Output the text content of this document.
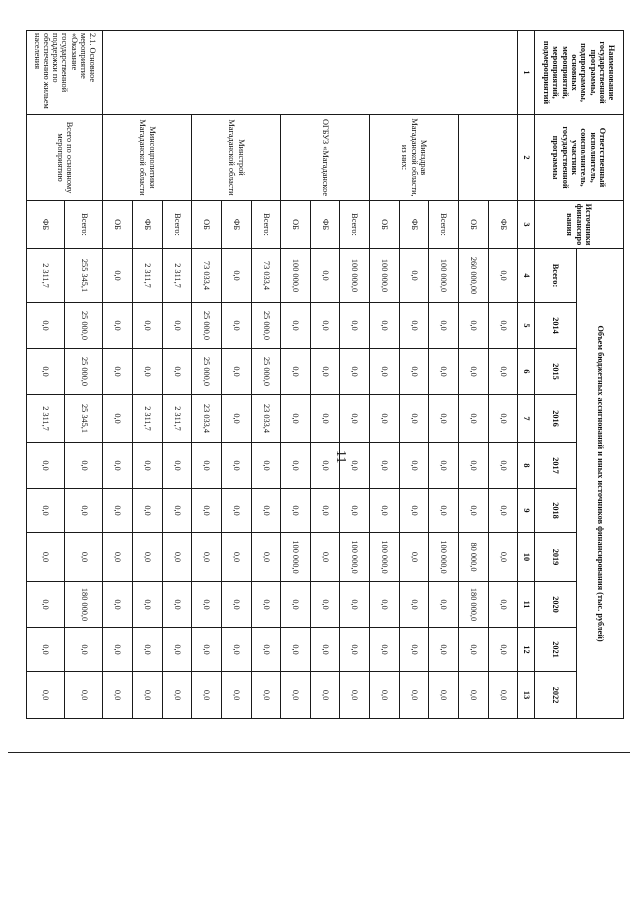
11
Наименование государственной программы, подпрограммы, основных мероприятий, мероприятий, подмероприятий	Ответственный исполнитель, соисполнитель, участник государственной программы	Источники финансирования	Объем бюджетных ассигнований и иных источников финансирования (тыс. рублей)									
			Всего:	2014	2015	2016	2017	2018	2019	2020	2021	2022
1	2	3	4	5	6	7	8	9	10	11	12	13
		ФБ	0,0	0,0	0,0	0,0	0,0	0,0	0,0	0,0	0,0	0,0
		ОБ	260 000,00	0,0	0,0	0,0	0,0	0,0	80 000,0	180 000,0	0,0	0,0
	Минздрав Магаданской области, из них:	Всего:	100 000,0	0,0	0,0	0,0	0,0	0,0	100 000,0	0,0	0,0	0,0
		ФБ	0,0	0,0	0,0	0,0	0,0	0,0	0,0	0,0	0,0	0,0
		ОБ	100 000,0	0,0	0,0	0,0	0,0	0,0	100 000,0	0,0	0,0	0,0
	ОГБУЗ «Магаданское	Всего:	100 000,0	0,0	0,0	0,0	0,0	0,0	100 000,0	0,0	0,0	0,0
		ФБ	0,0	0,0	0,0	0,0	0,0	0,0	0,0	0,0	0,0	0,0
		ОБ	100 000,0	0,0	0,0	0,0	0,0	0,0	100 000,0	0,0	0,0	0,0
	Минстрой Магаданской области	Всего:	73 033,4	25 000,0	25 000,0	23 033,4	0,0	0,0	0,0	0,0	0,0	0,0
		ФБ	0,0	0,0	0,0	0,0	0,0	0,0	0,0	0,0	0,0	0,0
		ОБ	73 033,4	25 000,0	25 000,0	23 033,4	0,0	0,0	0,0	0,0	0,0	0,0
	Минсоцполитики Магаданской области	Всего:	2 311,7	0,0	0,0	2 311,7	0,0	0,0	0,0	0,0	0,0	0,0
		ФБ	2 311,7	0,0	0,0	2 311,7	0,0	0,0	0,0	0,0	0,0	0,0
		ОБ	0,0	0,0	0,0	0,0	0,0	0,0	0,0	0,0	0,0	0,0
2.1. Основное мероприятие «Оказание государственной поддержки по обеспечению жильем населения	Всего по основному мероприятию	Всего:	255 345,1	25 000,0	25 000,0	25 345,1	0,0	0,0	0,0	180 000,0	0,0	0,0
		ФБ	2 311,7	0,0	0,0	2 311,7	0,0	0,0	0,0	0,0	0,0	0,0
